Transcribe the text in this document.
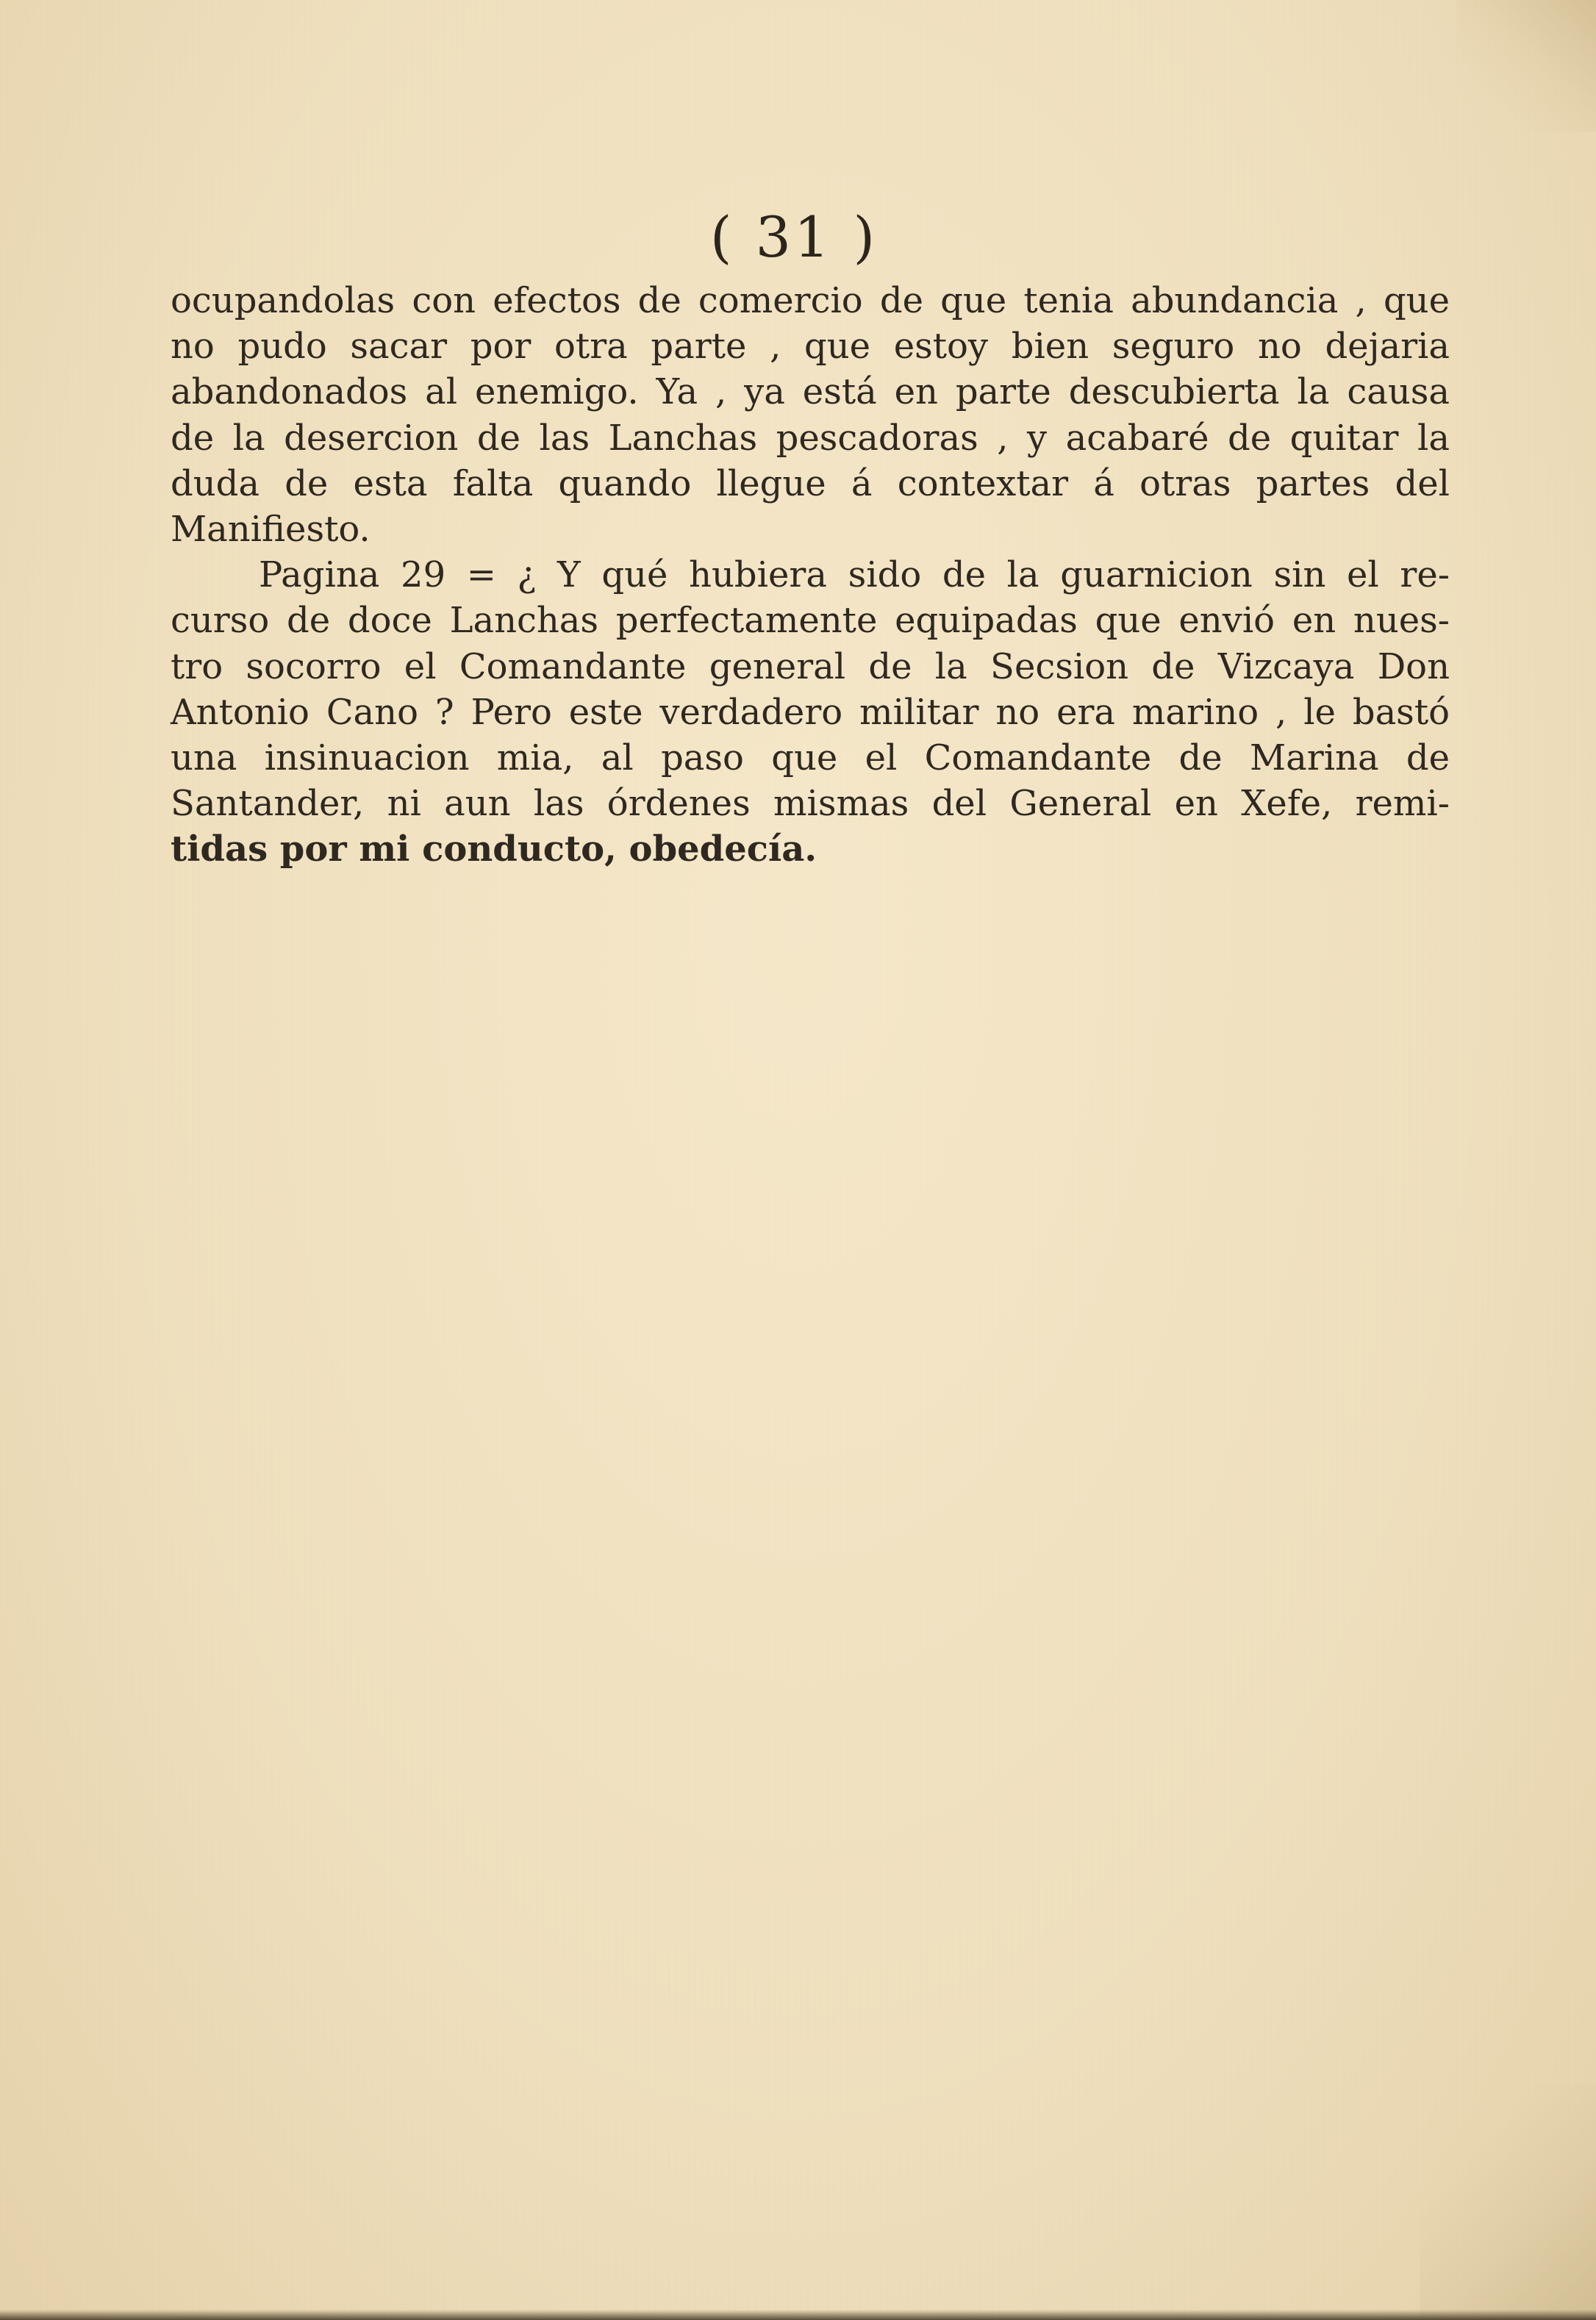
( 31 )
ocupandolas con efectos de comercio de que tenia abundancia , que
no pudo sacar por otra parte , que estoy bien seguro no dejaria
abandonados al enemigo. Ya , ya está en parte descubierta la causa
de la desercion de las Lanchas pescadoras , y acabaré de quitar la
duda de esta falta quando llegue á contextar á otras partes del
Manifiesto.
Pagina 29 = ¿ Y qué hubiera sido de la guarnicion sin el re-
curso de doce Lanchas perfectamente equipadas que envió en nues-
tro socorro el Comandante general de la Secsion de Vizcaya Don
Antonio Cano ? Pero este verdadero militar no era marino , le bastó
una insinuacion mia, al paso que el Comandante de Marina de
Santander, ni aun las órdenes mismas del General en Xefe, remi-
tidas por mi conducto, obedecía.
